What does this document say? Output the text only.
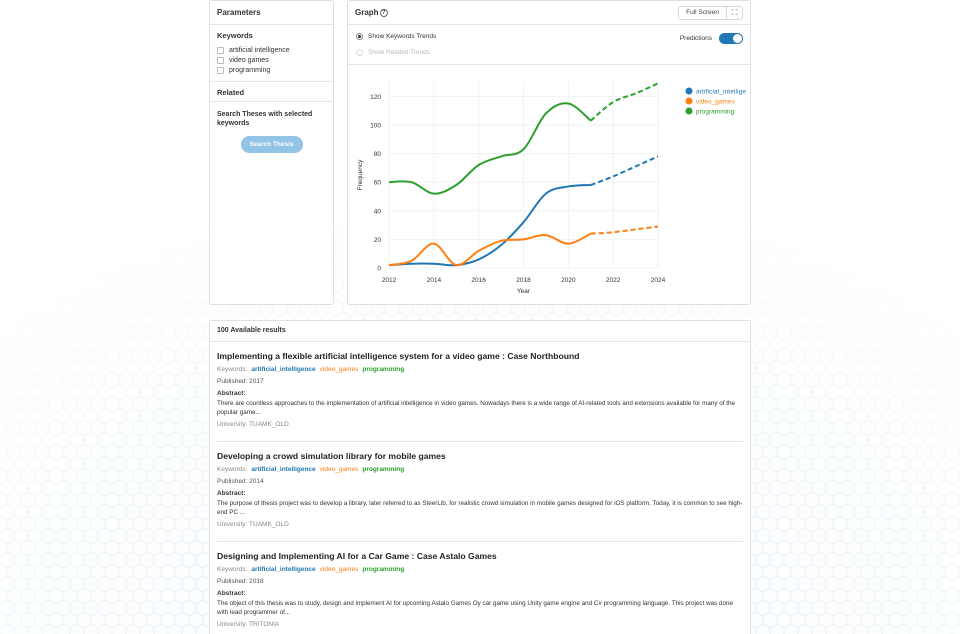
Parameters
Keywords
artificial intelligence
video games
programming
Related
Search Theses with selected keywords
Search Thesis
Graph ?	Full Screen	⛶
Show Keywords Trends
Show Related Trends
Predictions
2012	2014	2016	2018	2020	2022	2024
0
20
40
60
80
100
120
Year
Frequency
artificial_intellige
video_games
programming
100 Available results
Implementing a flexible artificial intelligence system for a video game : Case Northbound
Keywords: artificial_intelligence video_games programming
Published: 2017
Abstract:
There are countless approaches to the implementation of artificial intelligence in video games. Nowadays there is a wide range of AI-related tools and extensions available for many of the popular game...
University: TUAMK_OLD
Developing a crowd simulation library for mobile games
Keywords: artificial_intelligence video_games programming
Published: 2014
Abstract:
The purpose of thesis project was to develop a library, later referred to as SteerLib, for realistic crowd simulation in mobile games designed for iOS platform. Today, it is common to see high-end PC ...
University: TUAMK_OLD
Designing and Implementing AI for a Car Game : Case Astalo Games
Keywords: artificial_intelligence video_games programming
Published: 2018
Abstract:
The object of this thesis was to study, design and implement AI for upcoming Astalo Games Oy car game using Unity game engine and C# programming language. This project was done with lead programmer of...
University: TRITONIA
